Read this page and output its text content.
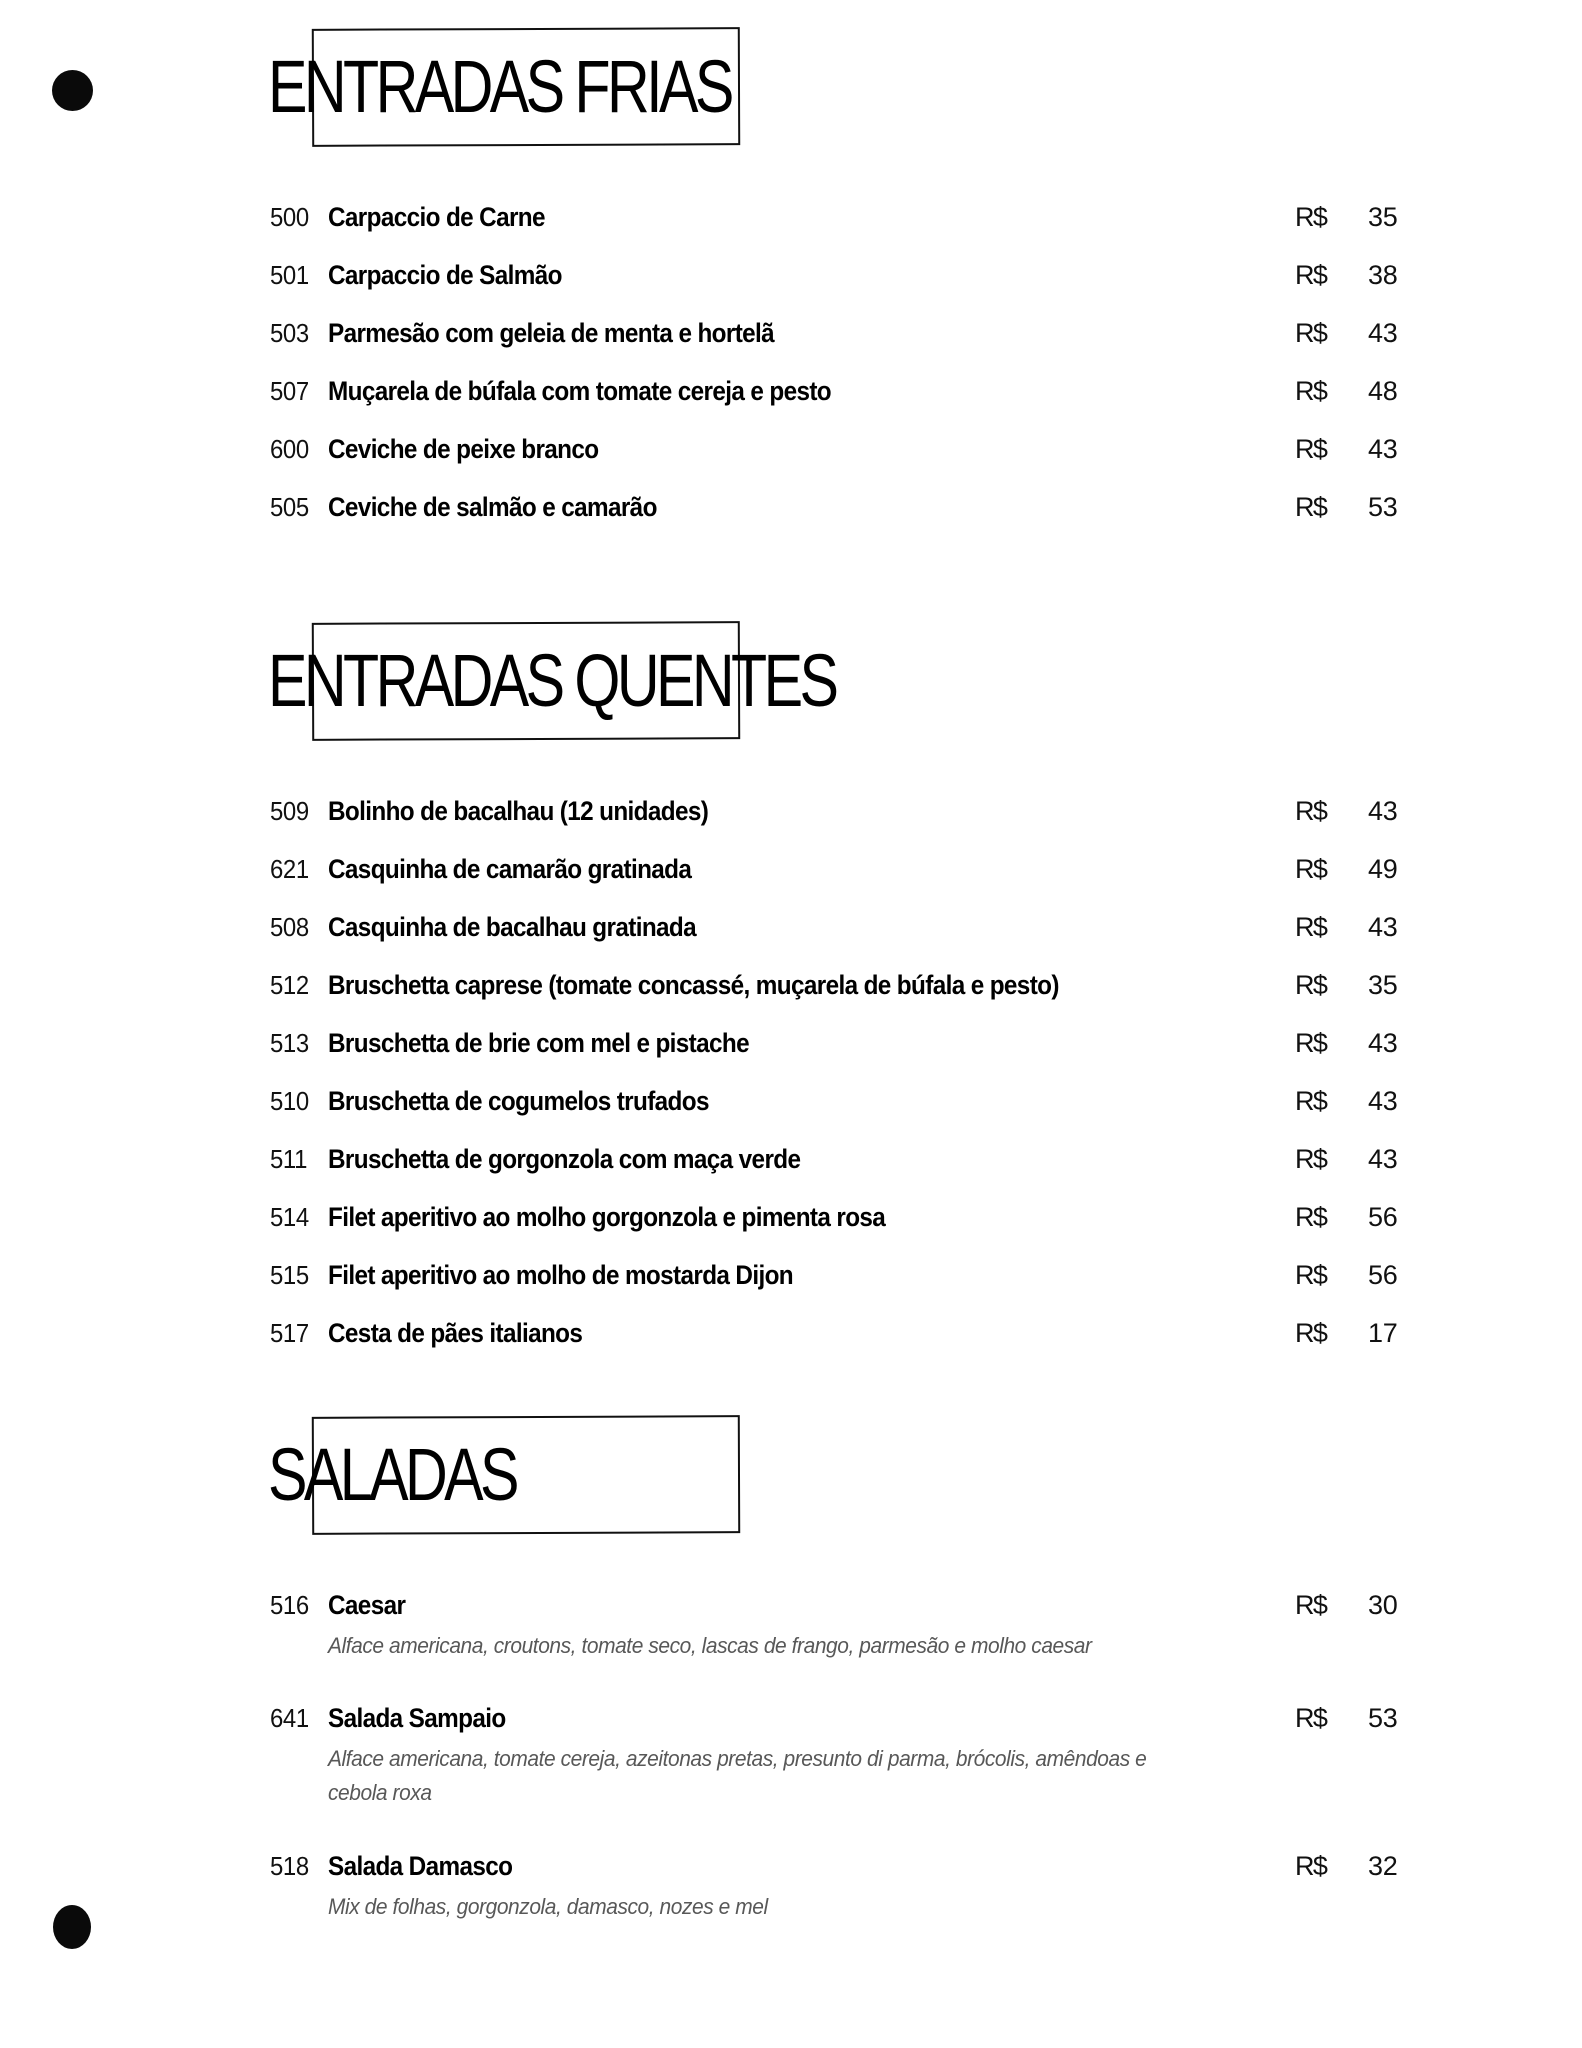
ENTRADAS FRIAS
500 Carpaccio de Carne	R$	35
501 Carpaccio de Salmão	R$	38
503 Parmesão com geleia de menta e hortelã	R$	43
507 Muçarela de búfala com tomate cereja e pesto	R$	48
600 Ceviche de peixe branco	R$	43
505 Ceviche de salmão e camarão	R$	53
ENTRADAS QUENTES
509 Bolinho de bacalhau (12 unidades)	R$	43
621 Casquinha de camarão gratinada	R$	49
508 Casquinha de bacalhau gratinada	R$	43
512 Bruschetta caprese (tomate concassé, muçarela de búfala e pesto)	R$	35
513 Bruschetta de brie com mel e pistache	R$	43
510 Bruschetta de cogumelos trufados	R$	43
511 Bruschetta de gorgonzola com maça verde	R$	43
514 Filet aperitivo ao molho gorgonzola e pimenta rosa	R$	56
515 Filet aperitivo ao molho de mostarda Dijon	R$	56
517 Cesta de pães italianos	R$	17
SALADAS
516 Caesar	R$	30
Alface americana, croutons, tomate seco, lascas de frango, parmesão e molho caesar
641 Salada Sampaio	R$	53
Alface americana, tomate cereja, azeitonas pretas, presunto di parma, brócolis, amêndoas e cebola roxa
518 Salada Damasco	R$	32
Mix de folhas, gorgonzola, damasco, nozes e mel
